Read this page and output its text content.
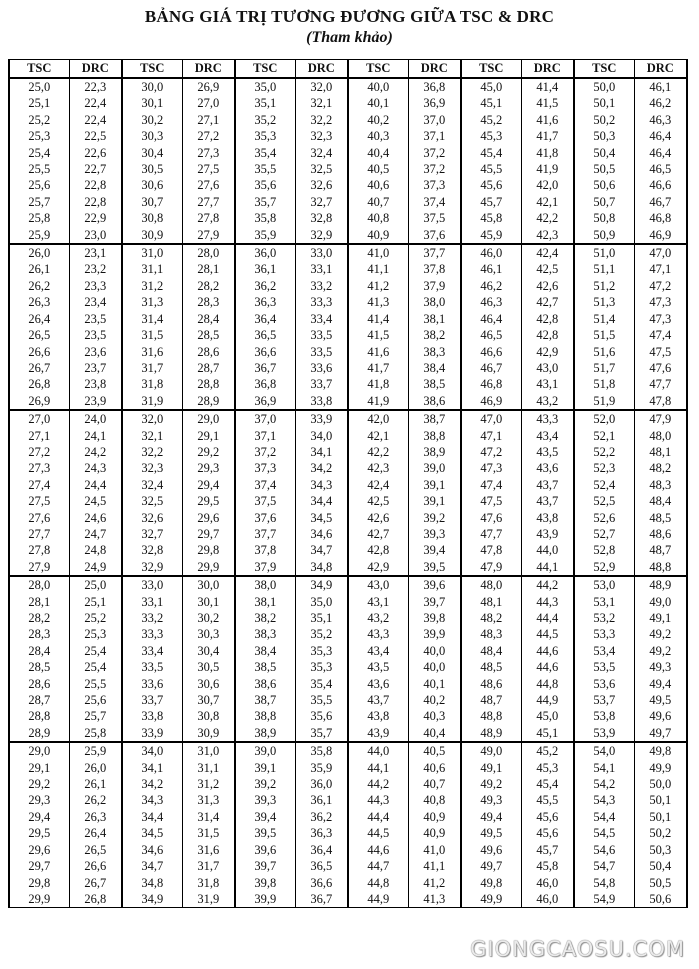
BẢNG GIÁ TRỊ TƯƠNG ĐƯƠNG GIỮA TSC & DRC
(Tham khảo)
TSC	DRC	TSC	DRC	TSC	DRC	TSC	DRC	TSC	DRC	TSC	DRC
25,0	22,3	30,0	26,9	35,0	32,0	40,0	36,8	45,0	41,4	50,0	46,1
25,1	22,4	30,1	27,0	35,1	32,1	40,1	36,9	45,1	41,5	50,1	46,2
25,2	22,4	30,2	27,1	35,2	32,2	40,2	37,0	45,2	41,6	50,2	46,3
25,3	22,5	30,3	27,2	35,3	32,3	40,3	37,1	45,3	41,7	50,3	46,4
25,4	22,6	30,4	27,3	35,4	32,4	40,4	37,2	45,4	41,8	50,4	46,4
25,5	22,7	30,5	27,5	35,5	32,5	40,5	37,2	45,5	41,9	50,5	46,5
25,6	22,8	30,6	27,6	35,6	32,6	40,6	37,3	45,6	42,0	50,6	46,6
25,7	22,8	30,7	27,7	35,7	32,7	40,7	37,4	45,7	42,1	50,7	46,7
25,8	22,9	30,8	27,8	35,8	32,8	40,8	37,5	45,8	42,2	50,8	46,8
25,9	23,0	30,9	27,9	35,9	32,9	40,9	37,6	45,9	42,3	50,9	46,9
26,0	23,1	31,0	28,0	36,0	33,0	41,0	37,7	46,0	42,4	51,0	47,0
26,1	23,2	31,1	28,1	36,1	33,1	41,1	37,8	46,1	42,5	51,1	47,1
26,2	23,3	31,2	28,2	36,2	33,2	41,2	37,9	46,2	42,6	51,2	47,2
26,3	23,4	31,3	28,3	36,3	33,3	41,3	38,0	46,3	42,7	51,3	47,3
26,4	23,5	31,4	28,4	36,4	33,4	41,4	38,1	46,4	42,8	51,4	47,3
26,5	23,5	31,5	28,5	36,5	33,5	41,5	38,2	46,5	42,8	51,5	47,4
26,6	23,6	31,6	28,6	36,6	33,5	41,6	38,3	46,6	42,9	51,6	47,5
26,7	23,7	31,7	28,7	36,7	33,6	41,7	38,4	46,7	43,0	51,7	47,6
26,8	23,8	31,8	28,8	36,8	33,7	41,8	38,5	46,8	43,1	51,8	47,7
26,9	23,9	31,9	28,9	36,9	33,8	41,9	38,6	46,9	43,2	51,9	47,8
27,0	24,0	32,0	29,0	37,0	33,9	42,0	38,7	47,0	43,3	52,0	47,9
27,1	24,1	32,1	29,1	37,1	34,0	42,1	38,8	47,1	43,4	52,1	48,0
27,2	24,2	32,2	29,2	37,2	34,1	42,2	38,9	47,2	43,5	52,2	48,1
27,3	24,3	32,3	29,3	37,3	34,2	42,3	39,0	47,3	43,6	52,3	48,2
27,4	24,4	32,4	29,4	37,4	34,3	42,4	39,1	47,4	43,7	52,4	48,3
27,5	24,5	32,5	29,5	37,5	34,4	42,5	39,1	47,5	43,7	52,5	48,4
27,6	24,6	32,6	29,6	37,6	34,5	42,6	39,2	47,6	43,8	52,6	48,5
27,7	24,7	32,7	29,7	37,7	34,6	42,7	39,3	47,7	43,9	52,7	48,6
27,8	24,8	32,8	29,8	37,8	34,7	42,8	39,4	47,8	44,0	52,8	48,7
27,9	24,9	32,9	29,9	37,9	34,8	42,9	39,5	47,9	44,1	52,9	48,8
28,0	25,0	33,0	30,0	38,0	34,9	43,0	39,6	48,0	44,2	53,0	48,9
28,1	25,1	33,1	30,1	38,1	35,0	43,1	39,7	48,1	44,3	53,1	49,0
28,2	25,2	33,2	30,2	38,2	35,1	43,2	39,8	48,2	44,4	53,2	49,1
28,3	25,3	33,3	30,3	38,3	35,2	43,3	39,9	48,3	44,5	53,3	49,2
28,4	25,4	33,4	30,4	38,4	35,3	43,4	40,0	48,4	44,6	53,4	49,2
28,5	25,4	33,5	30,5	38,5	35,3	43,5	40,0	48,5	44,6	53,5	49,3
28,6	25,5	33,6	30,6	38,6	35,4	43,6	40,1	48,6	44,8	53,6	49,4
28,7	25,6	33,7	30,7	38,7	35,5	43,7	40,2	48,7	44,9	53,7	49,5
28,8	25,7	33,8	30,8	38,8	35,6	43,8	40,3	48,8	45,0	53,8	49,6
28,9	25,8	33,9	30,9	38,9	35,7	43,9	40,4	48,9	45,1	53,9	49,7
29,0	25,9	34,0	31,0	39,0	35,8	44,0	40,5	49,0	45,2	54,0	49,8
29,1	26,0	34,1	31,1	39,1	35,9	44,1	40,6	49,1	45,3	54,1	49,9
29,2	26,1	34,2	31,2	39,2	36,0	44,2	40,7	49,2	45,4	54,2	50,0
29,3	26,2	34,3	31,3	39,3	36,1	44,3	40,8	49,3	45,5	54,3	50,1
29,4	26,3	34,4	31,4	39,4	36,2	44,4	40,9	49,4	45,6	54,4	50,1
29,5	26,4	34,5	31,5	39,5	36,3	44,5	40,9	49,5	45,6	54,5	50,2
29,6	26,5	34,6	31,6	39,6	36,4	44,6	41,0	49,6	45,7	54,6	50,3
29,7	26,6	34,7	31,7	39,7	36,5	44,7	41,1	49,7	45,8	54,7	50,4
29,8	26,7	34,8	31,8	39,8	36,6	44,8	41,2	49,8	46,0	54,8	50,5
29,9	26,8	34,9	31,9	39,9	36,7	44,9	41,3	49,9	46,0	54,9	50,6
GIONGCAOSU.COM
